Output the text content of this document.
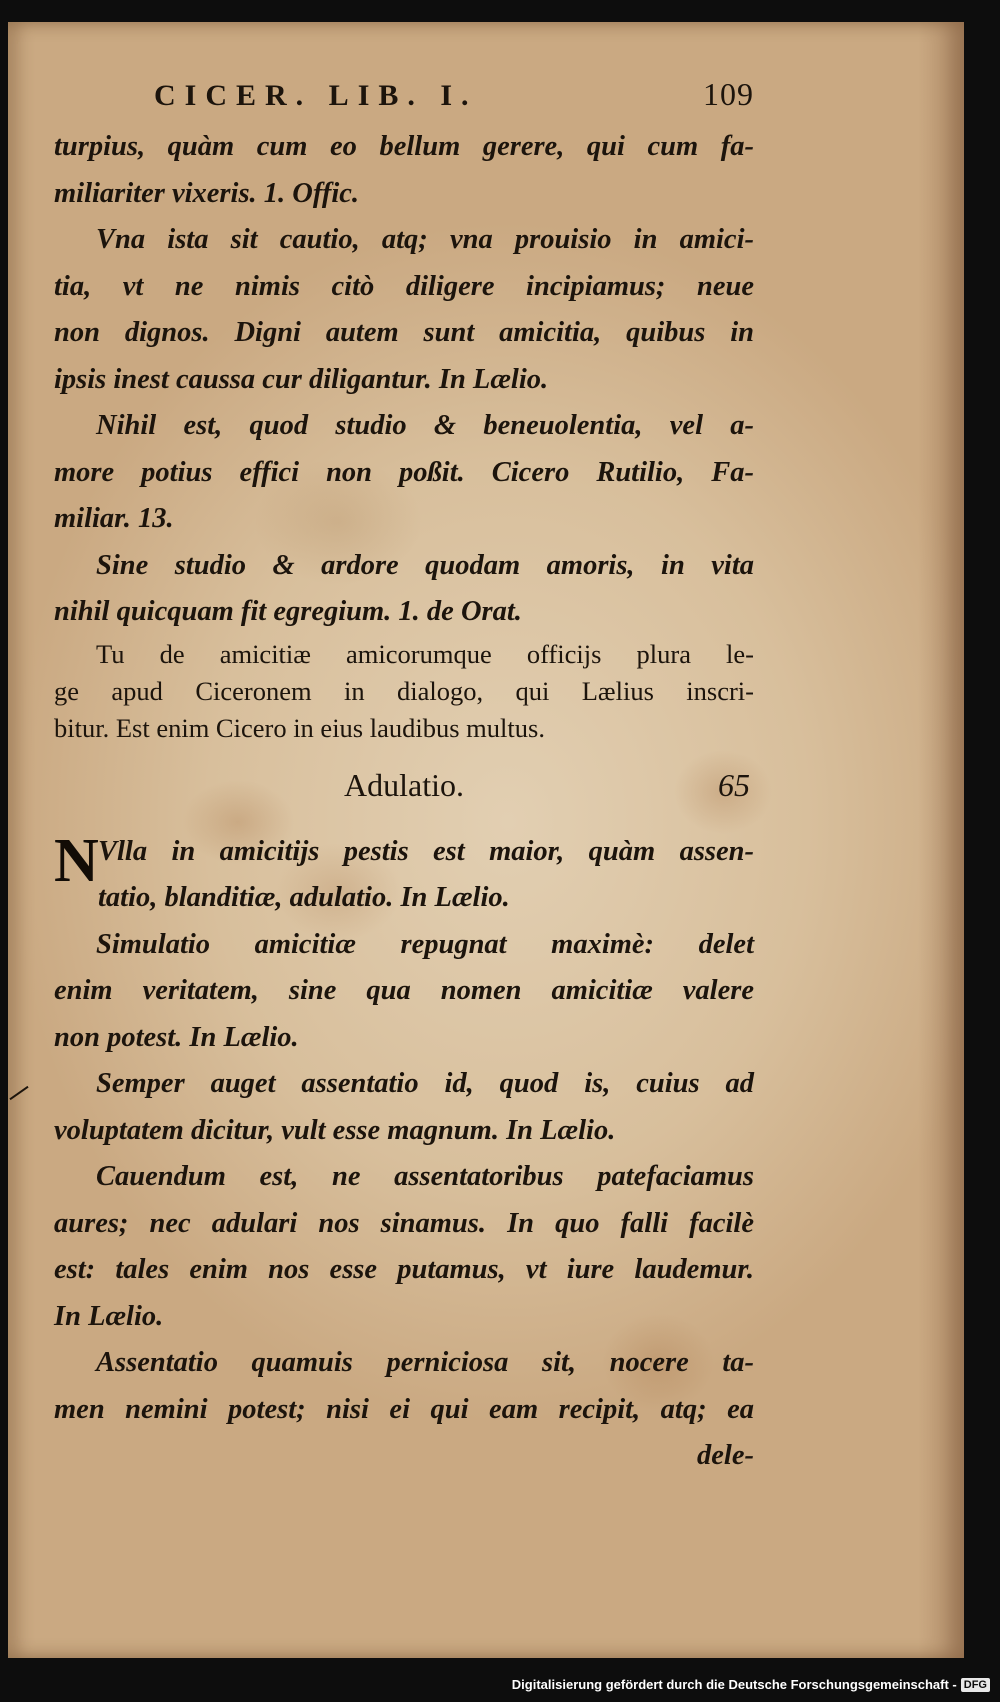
CICER. LIB. I.	109
turpius, quàm cum eo bellum gerere, qui cum fa-
miliariter vixeris. 1. Offic.
Vna ista sit cautio, atq; vna prouisio in amici-
tia, vt ne nimis citò diligere incipiamus; neue
non dignos. Digni autem sunt amicitia, quibus in
ipsis inest caussa cur diligantur. In Lælio.
Nihil est, quod studio & beneuolentia, vel a-
more potius effici non poßit. Cicero Rutilio, Fa-
miliar. 13.
Sine studio & ardore quodam amoris, in vita
nihil quicquam fit egregium. 1. de Orat.
Tu de amicitiæ amicorumque officijs plura le-
ge apud Ciceronem in dialogo, qui Lælius inscri-
bitur. Est enim Cicero in eius laudibus multus.
Adulatio.	65
N Vlla in amicitijs pestis est maior, quàm assen-
tatio, blanditiæ, adulatio. In Lælio.
Simulatio amicitiæ repugnat maximè: delet
enim veritatem, sine qua nomen amicitiæ valere
non potest. In Lælio.
Semper auget assentatio id, quod is, cuius ad
voluptatem dicitur, vult esse magnum. In Lælio.
Cauendum est, ne assentatoribus patefaciamus
aures; nec adulari nos sinamus. In quo falli facilè
est: tales enim nos esse putamus, vt iure laudemur.
In Lælio.
Assentatio quamuis perniciosa sit, nocere ta-
men nemini potest; nisi ei qui eam recipit, atq; ea
dele-
Digitalisierung gefördert durch die Deutsche Forschungsgemeinschaft - DFG
